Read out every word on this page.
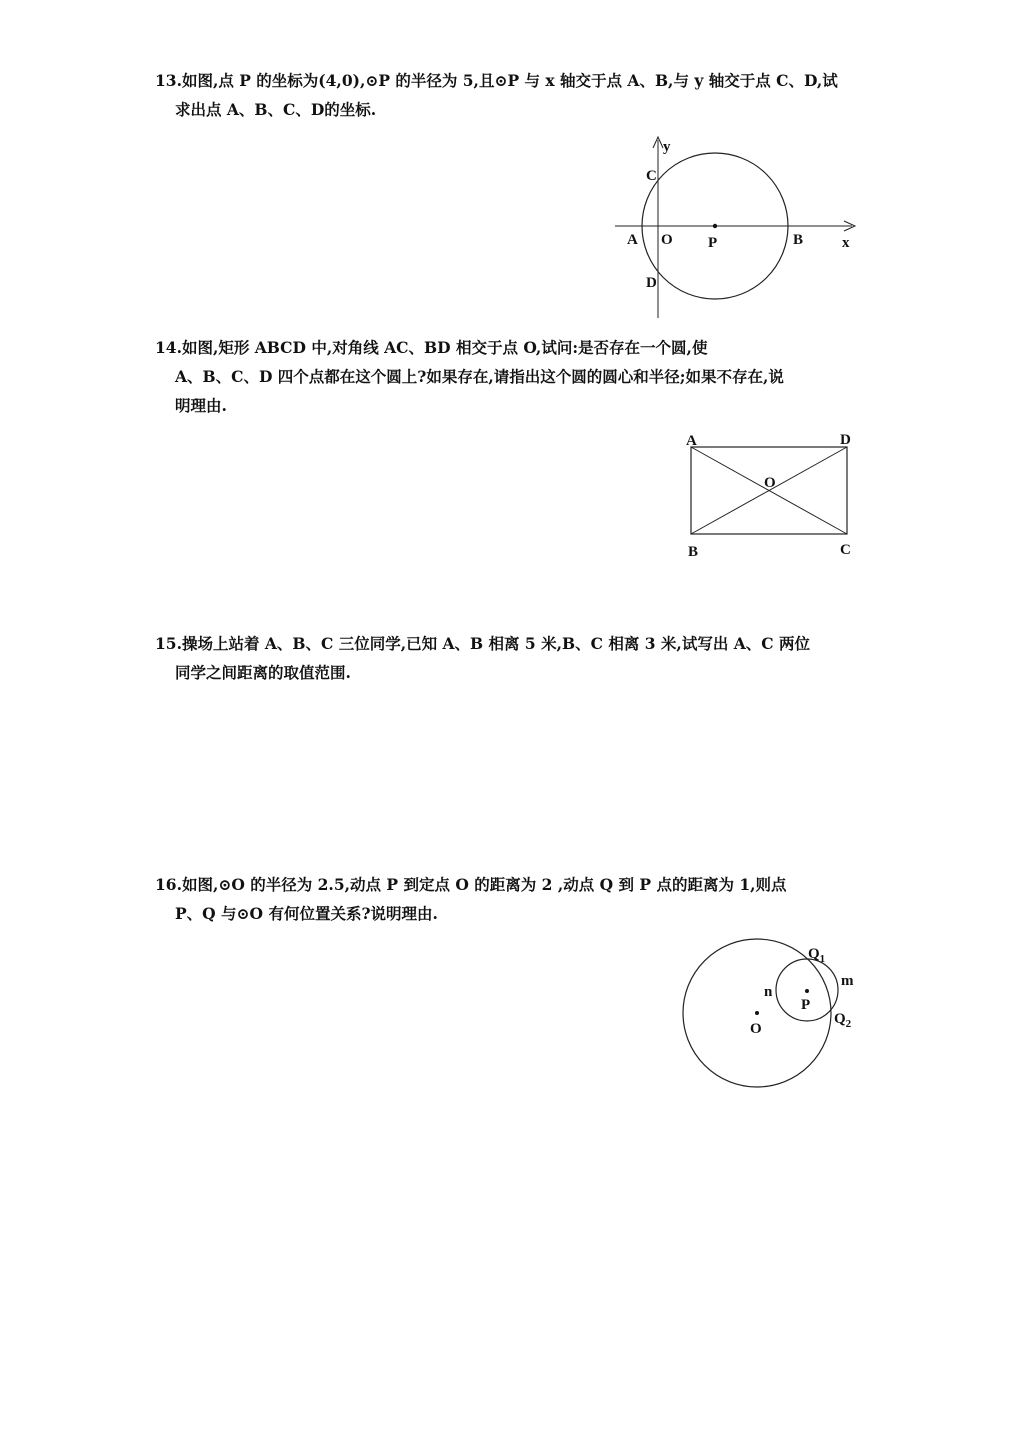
13.如图,点 P 的坐标为(4,0),⊙P 的半径为 5,且⊙P 与 x 轴交于点 A、B,与 y 轴交于点 C、D,试
求出点 A、B、C、D的坐标.
y
x
A O P	B
C
D
14.如图,矩形 ABCD 中,对角线 AC、BD 相交于点 O,试问:是否存在一个圆,使
A、B、C、D 四个点都在这个圆上?如果存在,请指出这个圆的圆心和半径;如果不存在,说
明理由.
A	D
O
B	C
15.操场上站着 A、B、C 三位同学,已知 A、B 相离 5 米,B、C 相离 3 米,试写出 A、C 两位
同学之间距离的取值范围.
16.如图,⊙O 的半径为 2.5,动点 P 到定点 O 的距离为 2 ,动点 Q 到 P 点的距离为 1,则点
P、Q 与⊙O 有何位置关系?说明理由.
$Q_1$
m
n
P
$Q_2$
O
